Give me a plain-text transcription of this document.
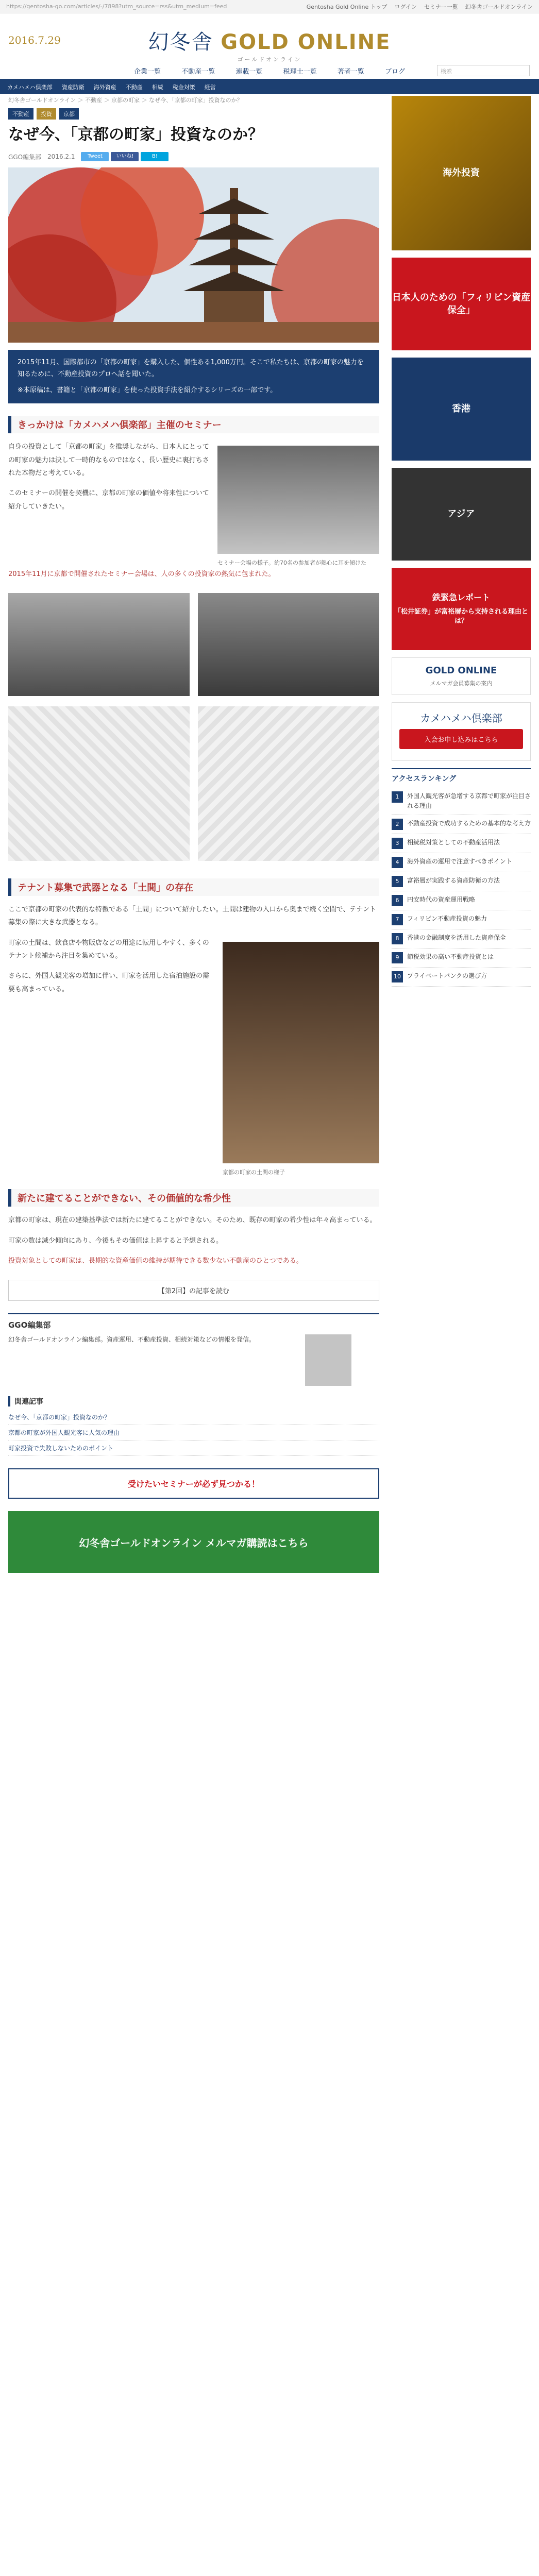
https://gentosha-go.com/articles/-/7898?utm_source=rss&utm_medium=feed	Gentosha Gold Online トップ ログイン セミナー一覧 幻冬舎ゴールドオンライン
2016.7.29	幻冬舎 GOLD ONLINE
ゴールドオンライン
企業一覧	不動産一覧	連載一覧	税理士一覧	著者一覧	ブログ	検索
カメハメハ倶楽部 資産防衛 海外資産 不動産 相続 税金対策 経営
幻冬舎ゴールドオンライン ＞ 不動産 ＞ 京都の町家 ＞ なぜ今、「京都の町家」投資なのか？
不動産	投資	京都
なぜ今、「京都の町家」投資なのか？
GGO編集部 2016.2.1	Tweet	いいね!	B!

2015年11月、国際都市の「京都の町家」を購入した、個性ある1,000万円。そこで私たちは、京都の町家の魅力を知るために、不動産投資のプロへ話を聞いた。

※本原稿は、書籍と「京都の町家」を使った投資手法を紹介するシリーズの一部です。

きっかけは「カメハメハ倶楽部」主催のセミナー

自身の投資として「京都の町家」を推奨しながら、日本人にとっての町家の魅力は決して一時的なものではなく、長い歴史に裏打ちされた本物だと考えている。

このセミナーの開催を契機に、京都の町家の価値や将来性について紹介していきたい。

セミナー会場の様子。約70名の参加者が熱心に耳を傾けた

2015年11月に京都で開催されたセミナー会場は、人の多くの投資家の熱気に包まれた。

テナント募集で武器となる「土間」の存在

ここで京都の町家の代表的な特徴である「土間」について紹介したい。土間は建物の入口から奥まで続く空間で、テナント募集の際に大きな武器となる。

町家の土間は、飲食店や物販店などの用途に転用しやすく、多くのテナント候補から注目を集めている。

さらに、外国人観光客の増加に伴い、町家を活用した宿泊施設の需要も高まっている。

京都の町家の土間の様子
新たに建てることができない、その価値的な希少性

京都の町家は、現在の建築基準法では新たに建てることができない。そのため、既存の町家の希少性は年々高まっている。

町家の数は減少傾向にあり、今後もその価値は上昇すると予想される。

投資対象としての町家は、長期的な資産価値の維持が期待できる数少ない不動産のひとつである。

【第2回】の記事を読む
GGO編集部

幻冬舎ゴールドオンライン編集部。資産運用、不動産投資、相続対策などの情報を発信。

関連記事
なぜ今、「京都の町家」投資なのか？
京都の町家が外国人観光客に人気の理由
町家投資で失敗しないためのポイント
受けたいセミナーが必ず見つかる！
幻冬舎ゴールドオンライン メルマガ購読はこちら
海外投資
日本人のための「フィリピン資産保全」
香港
アジア
鉄緊急レポート
「松井証券」が富裕層から支持される理由とは？
GOLD ONLINE
メルマガ会員募集の案内
カメハメハ倶楽部
入会お申し込みはこちら
アクセスランキング
1	外国人観光客が急増する京都で町家が注目される理由
2	不動産投資で成功するための基本的な考え方
3	相続税対策としての不動産活用法
4	海外資産の運用で注意すべきポイント
5	富裕層が実践する資産防衛の方法
6	円安時代の資産運用戦略
7	フィリピン不動産投資の魅力
8	香港の金融制度を活用した資産保全
9	節税効果の高い不動産投資とは
10	プライベートバンクの選び方
